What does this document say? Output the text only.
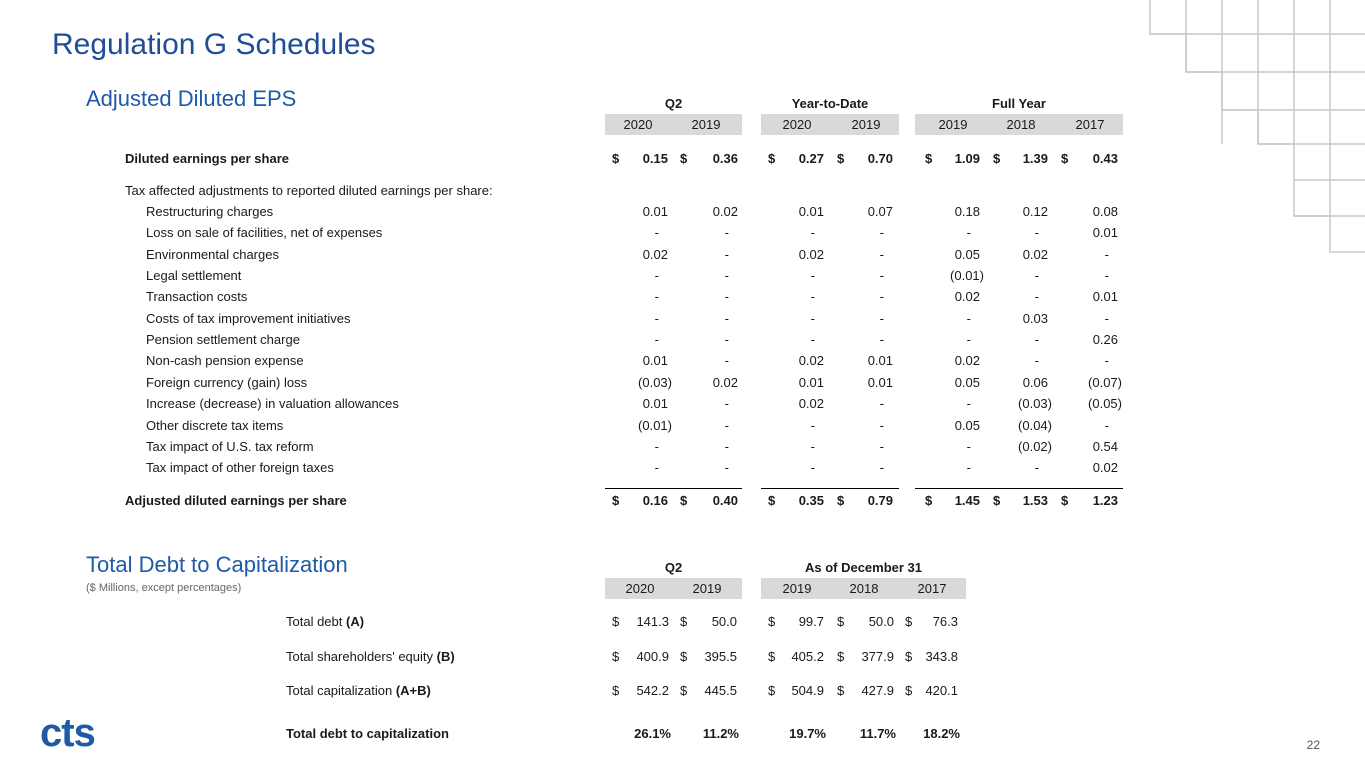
Regulation G Schedules
Adjusted Diluted EPS
Total Debt to Capitalization
($ Millions, except percentages)
Q2	Year-to-Date	Full Year
2020	2019	2020	2019	2019	2018	2017
Diluted earnings per share	$ 0.15 $ 0.36 $ 0.27 $ 0.70 $ 1.09 $ 1.39 $ 0.43
Tax affected adjustments to reported diluted earnings per share:
Restructuring charges	0.01	0.02	0.01	0.07	0.18	0.12	0.08
Loss on sale of facilities, net of expenses	-	-	-	-	-	-	0.01
Environmental charges	0.02	-	0.02	-	0.05	0.02	-
Legal settlement	-	-	-	-	(0.01)	-	-
Transaction costs	-	-	-	-	0.02	-	0.01
Costs of tax improvement initiatives	-	-	-	-	-	0.03	-
Pension settlement charge	-	-	-	-	-	-	0.26
Non-cash pension expense	0.01	-	0.02	0.01	0.02	-	-
Foreign currency (gain) loss	(0.03)	0.02	0.01	0.01	0.05	0.06	(0.07)
Increase (decrease) in valuation allowances	0.01	-	0.02	-	-	(0.03)	(0.05)
Other discrete tax items	(0.01)	-	-	-	0.05	(0.04)	-
Tax impact of U.S. tax reform	-	-	-	-	-	(0.02)	0.54
Tax impact of other foreign taxes	-	-	-	-	-	-	0.02
Adjusted diluted earnings per share	$ 0.16 $ 0.40 $ 0.35 $ 0.79 $ 1.45 $ 1.53 $ 1.23
Q2	As of December 31
2020	2019	2019	2018	2017
Total debt (A)	$ 141.3 $ 50.0 $ 99.7 $ 50.0 $ 76.3
Total shareholders' equity (B)	$ 400.9 $ 395.5 $ 405.2 $ 377.9 $ 343.8
Total capitalization (A+B)	$ 542.2 $ 445.5 $ 504.9 $ 427.9 $ 420.1
Total debt to capitalization	26.1% 11.2%	19.7%	11.7% 18.2%
cts	22
